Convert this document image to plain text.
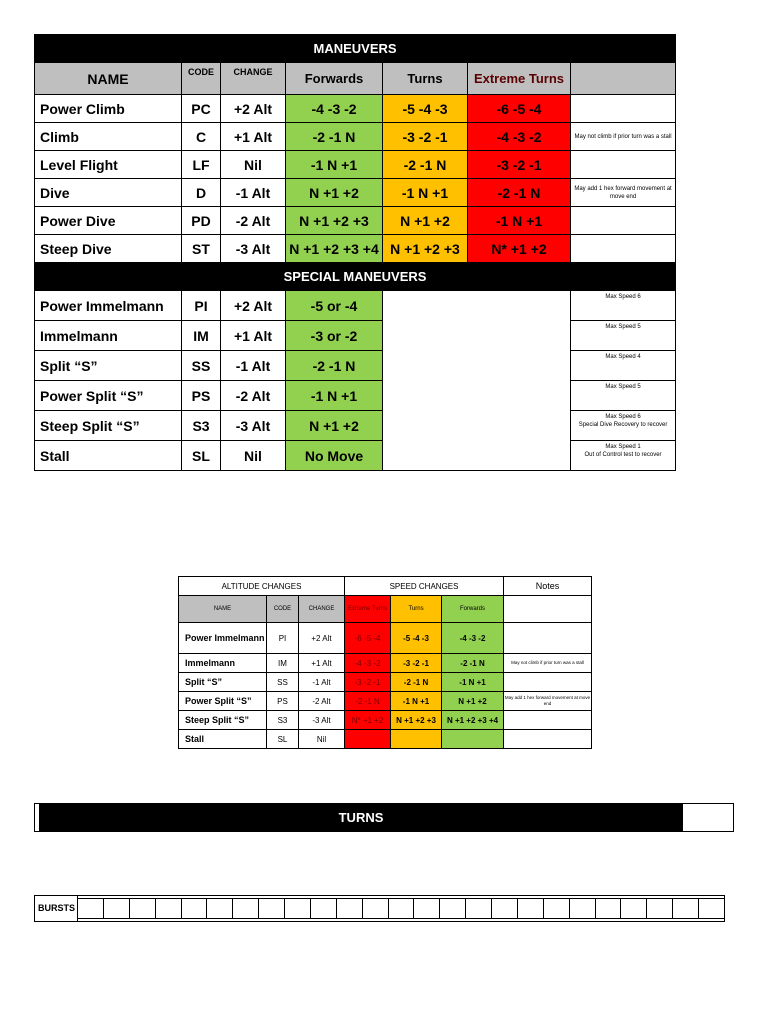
MANEUVERS						
NAME	CODE	CHANGE	Forwards	Turns	Extreme Turns	
Power Climb	PC	+2 Alt	-4 -3 -2	-5 -4 -3	-6 -5 -4	
Climb	C	+1 Alt	-2 -1 N	-3 -2 -1	-4 -3 -2	May not climb if prior turn was a stall
Level Flight	LF	Nil	-1 N +1	-2 -1 N	-3 -2 -1	
Dive	D	-1 Alt	N +1 +2	-1 N +1	-2 -1 N	May add 1 hex forward movement at move end
Power Dive	PD	-2 Alt	N +1 +2 +3	N +1 +2	-1 N +1	
Steep Dive	ST	-3 Alt	N +1 +2 +3 +4	N +1 +2 +3	N* +1 +2	
SPECIAL MANEUVERS						
Power Immelmann	PI	+2 Alt	-5 or -4			Max Speed 6

Immelmann	IM	+1 Alt	-3 or -2			Max Speed 5

Split “S”	SS	-1 Alt	-2 -1 N			Max Speed 4

Power Split “S”	PS	-2 Alt	-1 N +1			Max Speed 5

Steep Split “S”	S3	-3 Alt	N +1 +2			Max Speed 6
Special Dive Recovery to recover

Stall	SL	Nil	No Move			Max Speed 1
Out of Control test to recover
ALTITUDE CHANGES			SPEED CHANGES			Notes
NAME	CODE	CHANGE	Extreme Turns	Turns	Forwards	
Power Immelmann	PI	+2 Alt	-6 -5 -4	-5 -4 -3	-4 -3 -2	
Immelmann	IM	+1 Alt	-4 -3 -2	-3 -2 -1	-2 -1 N	May not climb if prior turn was a stall
Split “S”	SS	-1 Alt	-3 -2 -1	-2 -1 N	-1 N +1	
Power Split “S”	PS	-2 Alt	-2 -1 N	-1 N +1	N +1 +2	May add 1 hex forward movement at move end
Steep Split “S”	S3	-3 Alt	N* +1 +2	N +1 +2 +3	N +1 +2 +3 +4	
Stall	SL	Nil				
TURNS
BURSTS
